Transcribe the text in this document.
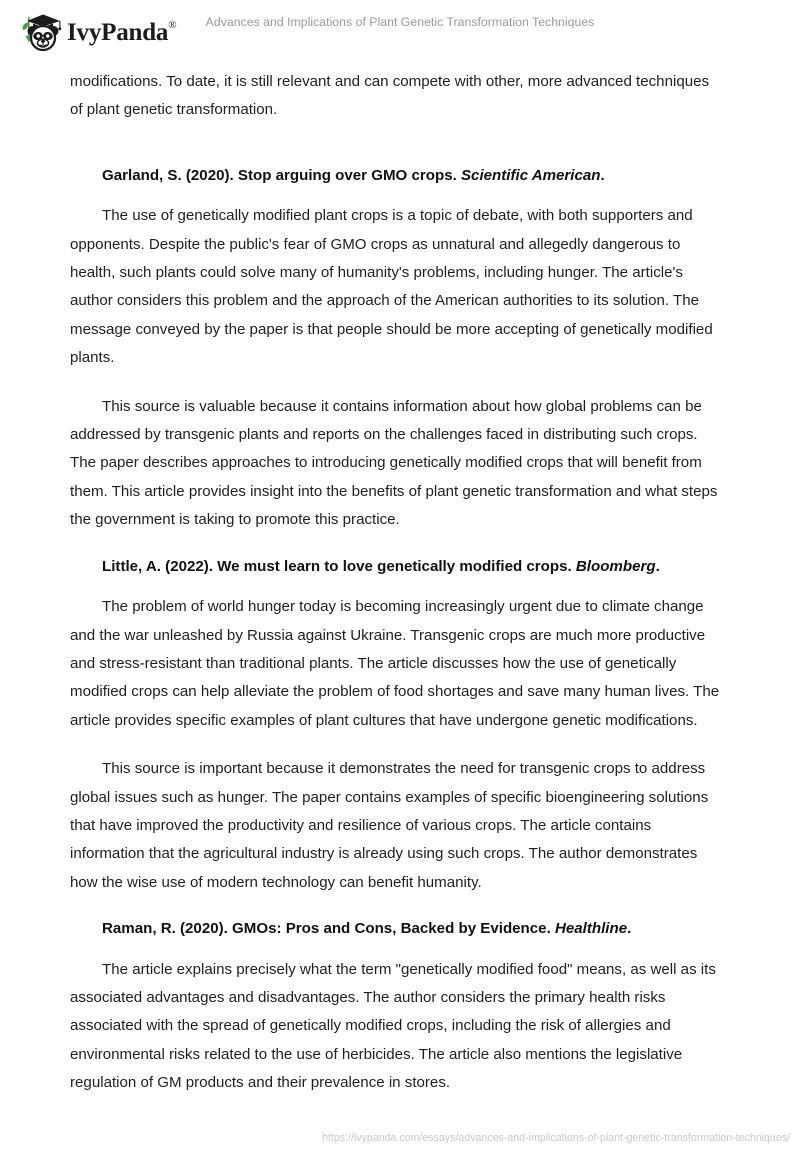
IvyPanda®	Advances and Implications of Plant Genetic Transformation Techniques

modifications. To date, it is still relevant and can compete with other, more advanced techniques of plant genetic transformation.

Garland, S. (2020). Stop arguing over GMO crops. Scientific American.

The use of genetically modified plant crops is a topic of debate, with both supporters and opponents. Despite the public's fear of GMO crops as unnatural and allegedly dangerous to health, such plants could solve many of humanity's problems, including hunger. The article's author considers this problem and the approach of the American authorities to its solution. The message conveyed by the paper is that people should be more accepting of genetically modified plants.

This source is valuable because it contains information about how global problems can be addressed by transgenic plants and reports on the challenges faced in distributing such crops. The paper describes approaches to introducing genetically modified crops that will benefit from them. This article provides insight into the benefits of plant genetic transformation and what steps the government is taking to promote this practice.

Little, A. (2022). We must learn to love genetically modified crops. Bloomberg.

The problem of world hunger today is becoming increasingly urgent due to climate change and the war unleashed by Russia against Ukraine. Transgenic crops are much more productive and stress-resistant than traditional plants. The article discusses how the use of genetically modified crops can help alleviate the problem of food shortages and save many human lives. The article provides specific examples of plant cultures that have undergone genetic modifications.

This source is important because it demonstrates the need for transgenic crops to address global issues such as hunger. The paper contains examples of specific bioengineering solutions that have improved the productivity and resilience of various crops. The article contains information that the agricultural industry is already using such crops. The author demonstrates how the wise use of modern technology can benefit humanity.

Raman, R. (2020). GMOs: Pros and Cons, Backed by Evidence. Healthline.

The article explains precisely what the term "genetically modified food" means, as well as its associated advantages and disadvantages. The author considers the primary health risks associated with the spread of genetically modified crops, including the risk of allergies and environmental risks related to the use of herbicides. The article also mentions the legislative regulation of GM products and their prevalence in stores.

https://ivypanda.com/essays/advances-and-implications-of-plant-genetic-transformation-techniques/
